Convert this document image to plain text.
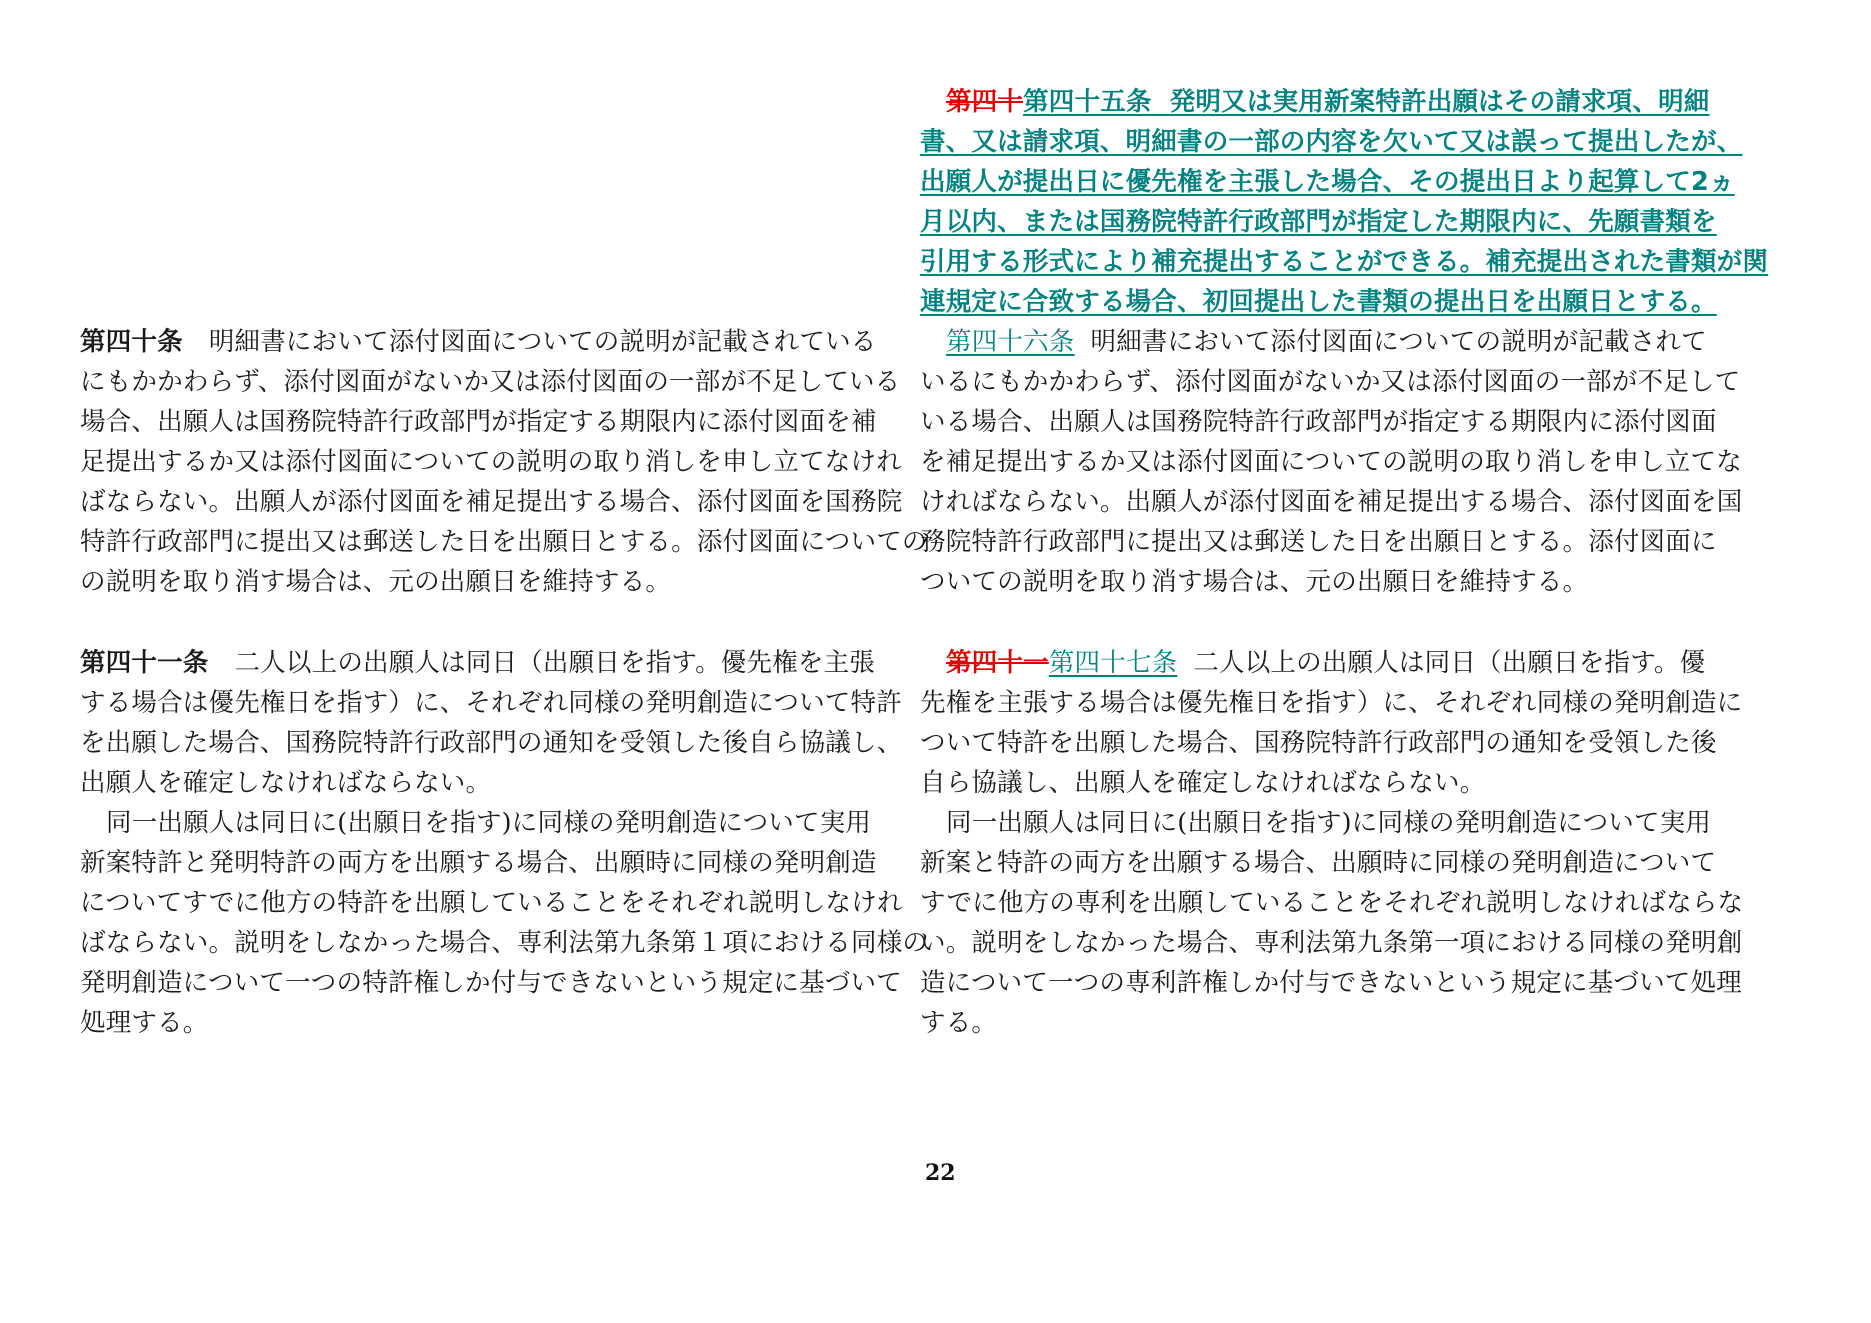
第四十条 明細書において添付図面についての説明が記載されている
にもかかわらず、添付図面がないか又は添付図面の一部が不足している
場合、出願人は国務院特許行政部門が指定する期限内に添付図面を補
足提出するか又は添付図面についての説明の取り消しを申し立てなけれ
ばならない。出願人が添付図面を補足提出する場合、添付図面を国務院
特許行政部門に提出又は郵送した日を出願日とする。添付図面についての
の説明を取り消す場合は、元の出願日を維持する。
第四十一条 二人以上の出願人は同日（出願日を指す。優先権を主張
する場合は優先権日を指す）に、それぞれ同様の発明創造について特許
を出願した場合、国務院特許行政部門の通知を受領した後自ら協議し、
出願人を確定しなければならない。
同一出願人は同日に(出願日を指す)に同様の発明創造について実用
新案特許と発明特許の両方を出願する場合、出願時に同様の発明創造
についてすでに他方の特許を出願していることをそれぞれ説明しなけれ
ばならない。説明をしなかった場合、専利法第九条第１項における同様の
発明創造について一つの特許権しか付与できないという規定に基づいて
処理する。
第四十第四十五条 発明又は実用新案特許出願はその請求項、明細
書、又は請求項、明細書の一部の内容を欠いて又は誤って提出したが、
出願人が提出日に優先権を主張した場合、その提出日より起算して2ヵ
月以内、または国務院特許行政部門が指定した期限内に、先願書類を
引用する形式により補充提出することができる。補充提出された書類が関
連規定に合致する場合、初回提出した書類の提出日を出願日とする。
第四十六条 明細書において添付図面についての説明が記載されて
いるにもかかわらず、添付図面がないか又は添付図面の一部が不足して
いる場合、出願人は国務院特許行政部門が指定する期限内に添付図面
を補足提出するか又は添付図面についての説明の取り消しを申し立てな
ければならない。出願人が添付図面を補足提出する場合、添付図面を国
務院特許行政部門に提出又は郵送した日を出願日とする。添付図面に
ついての説明を取り消す場合は、元の出願日を維持する。
第四十一第四十七条 二人以上の出願人は同日（出願日を指す。優
先権を主張する場合は優先権日を指す）に、それぞれ同様の発明創造に
ついて特許を出願した場合、国務院特許行政部門の通知を受領した後
自ら協議し、出願人を確定しなければならない。
同一出願人は同日に(出願日を指す)に同様の発明創造について実用
新案と特許の両方を出願する場合、出願時に同様の発明創造について
すでに他方の専利を出願していることをそれぞれ説明しなければならな
い。説明をしなかった場合、専利法第九条第一項における同様の発明創
造について一つの専利許権しか付与できないという規定に基づいて処理
する。
22
